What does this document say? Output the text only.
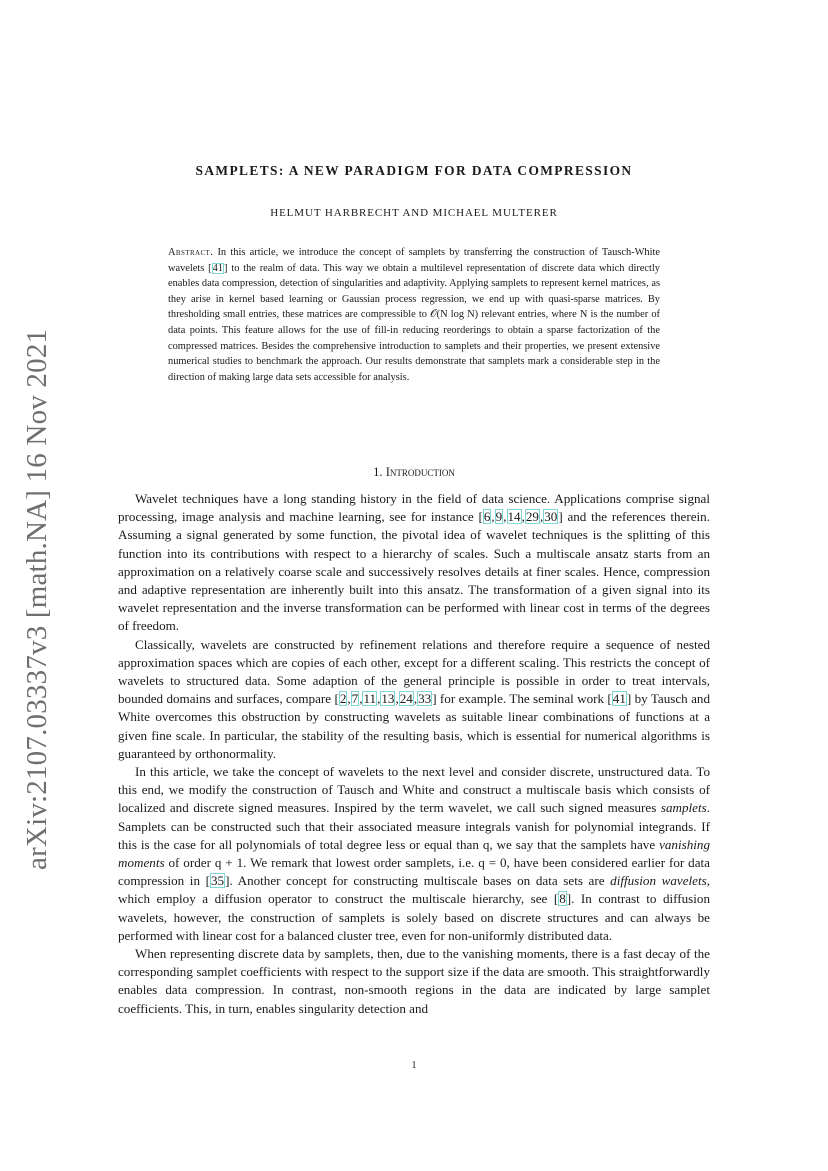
arXiv:2107.03337v3 [math.NA] 16 Nov 2021
SAMPLETS: A NEW PARADIGM FOR DATA COMPRESSION
HELMUT HARBRECHT AND MICHAEL MULTERER
Abstract. In this article, we introduce the concept of samplets by transferring the construction of Tausch-White wavelets [41] to the realm of data. This way we obtain a multilevel representation of discrete data which directly enables data compression, detection of singularities and adaptivity. Applying samplets to represent kernel matrices, as they arise in kernel based learning or Gaussian process regression, we end up with quasi-sparse matrices. By thresholding small entries, these matrices are compressible to 𝒪(N log N) relevant entries, where N is the number of data points. This feature allows for the use of fill-in reducing reorderings to obtain a sparse factorization of the compressed matrices. Besides the comprehensive introduction to samplets and their properties, we present extensive numerical studies to benchmark the approach. Our results demonstrate that samplets mark a considerable step in the direction of making large data sets accessible for analysis.
1. Introduction

Wavelet techniques have a long standing history in the field of data science. Applications comprise signal processing, image analysis and machine learning, see for instance [6,9,14,29,30] and the references therein. Assuming a signal generated by some function, the pivotal idea of wavelet techniques is the splitting of this function into its contributions with respect to a hierarchy of scales. Such a multiscale ansatz starts from an approximation on a relatively coarse scale and successively resolves details at finer scales. Hence, compression and adaptive representation are inherently built into this ansatz. The transformation of a given signal into its wavelet representation and the inverse transformation can be performed with linear cost in terms of the degrees of freedom.

Classically, wavelets are constructed by refinement relations and therefore require a sequence of nested approximation spaces which are copies of each other, except for a different scaling. This restricts the concept of wavelets to structured data. Some adaption of the general principle is possible in order to treat intervals, bounded domains and surfaces, compare [2,7,11,13,24,33] for example. The seminal work [41] by Tausch and White overcomes this obstruction by constructing wavelets as suitable linear combinations of functions at a given fine scale. In particular, the stability of the resulting basis, which is essential for numerical algorithms is guaranteed by orthonormality.

In this article, we take the concept of wavelets to the next level and consider discrete, unstructured data. To this end, we modify the construction of Tausch and White and construct a multiscale basis which consists of localized and discrete signed measures. Inspired by the term wavelet, we call such signed measures samplets. Samplets can be constructed such that their associated measure integrals vanish for polynomial integrands. If this is the case for all polynomials of total degree less or equal than q, we say that the samplets have vanishing moments of order q + 1. We remark that lowest order samplets, i.e. q = 0, have been considered earlier for data compression in [35]. Another concept for constructing multiscale bases on data sets are diffusion wavelets, which employ a diffusion operator to construct the multiscale hierarchy, see [8]. In contrast to diffusion wavelets, however, the construction of samplets is solely based on discrete structures and can always be performed with linear cost for a balanced cluster tree, even for non-uniformly distributed data.

When representing discrete data by samplets, then, due to the vanishing moments, there is a fast decay of the corresponding samplet coefficients with respect to the support size if the data are smooth. This straightforwardly enables data compression. In contrast, non-smooth regions in the data are indicated by large samplet coefficients. This, in turn, enables singularity detection and

1
